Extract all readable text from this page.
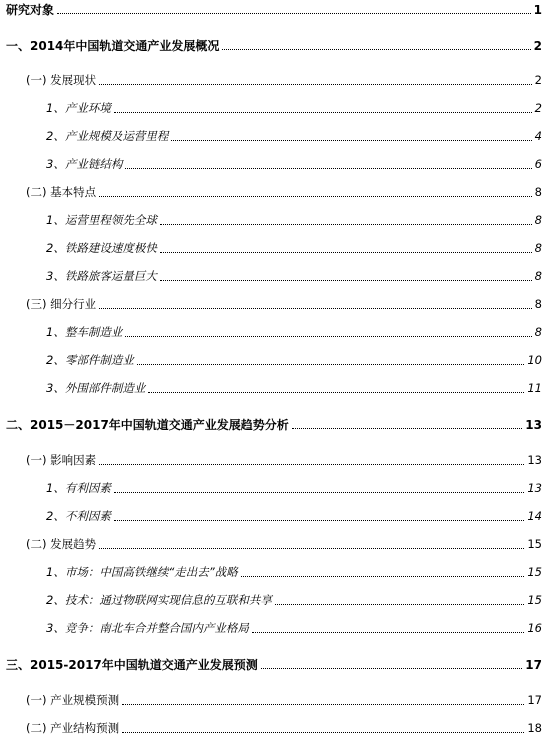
研究对象	1
一、2014年中国轨道交通产业发展概况	2
(一) 发展现状	2
1、产业环境	2
2、产业规模及运营里程	4
3、产业链结构	6
(二) 基本特点	8
1、运营里程领先全球	8
2、铁路建设速度极快	8
3、铁路旅客运量巨大	8
(三) 细分行业	8
1、整车制造业	8
2、零部件制造业	10
3、外围部件制造业	11
二、2015－2017年中国轨道交通产业发展趋势分析	13
(一) 影响因素	13
1、有利因素	13
2、不利因素	14
(二) 发展趋势	15
1、市场：中国高铁继续“走出去”战略	15
2、技术：通过物联网实现信息的互联和共享	15
3、竞争：南北车合并整合国内产业格局	16
三、2015-2017年中国轨道交通产业发展预测	17
(一) 产业规模预测	17
(二) 产业结构预测	18
